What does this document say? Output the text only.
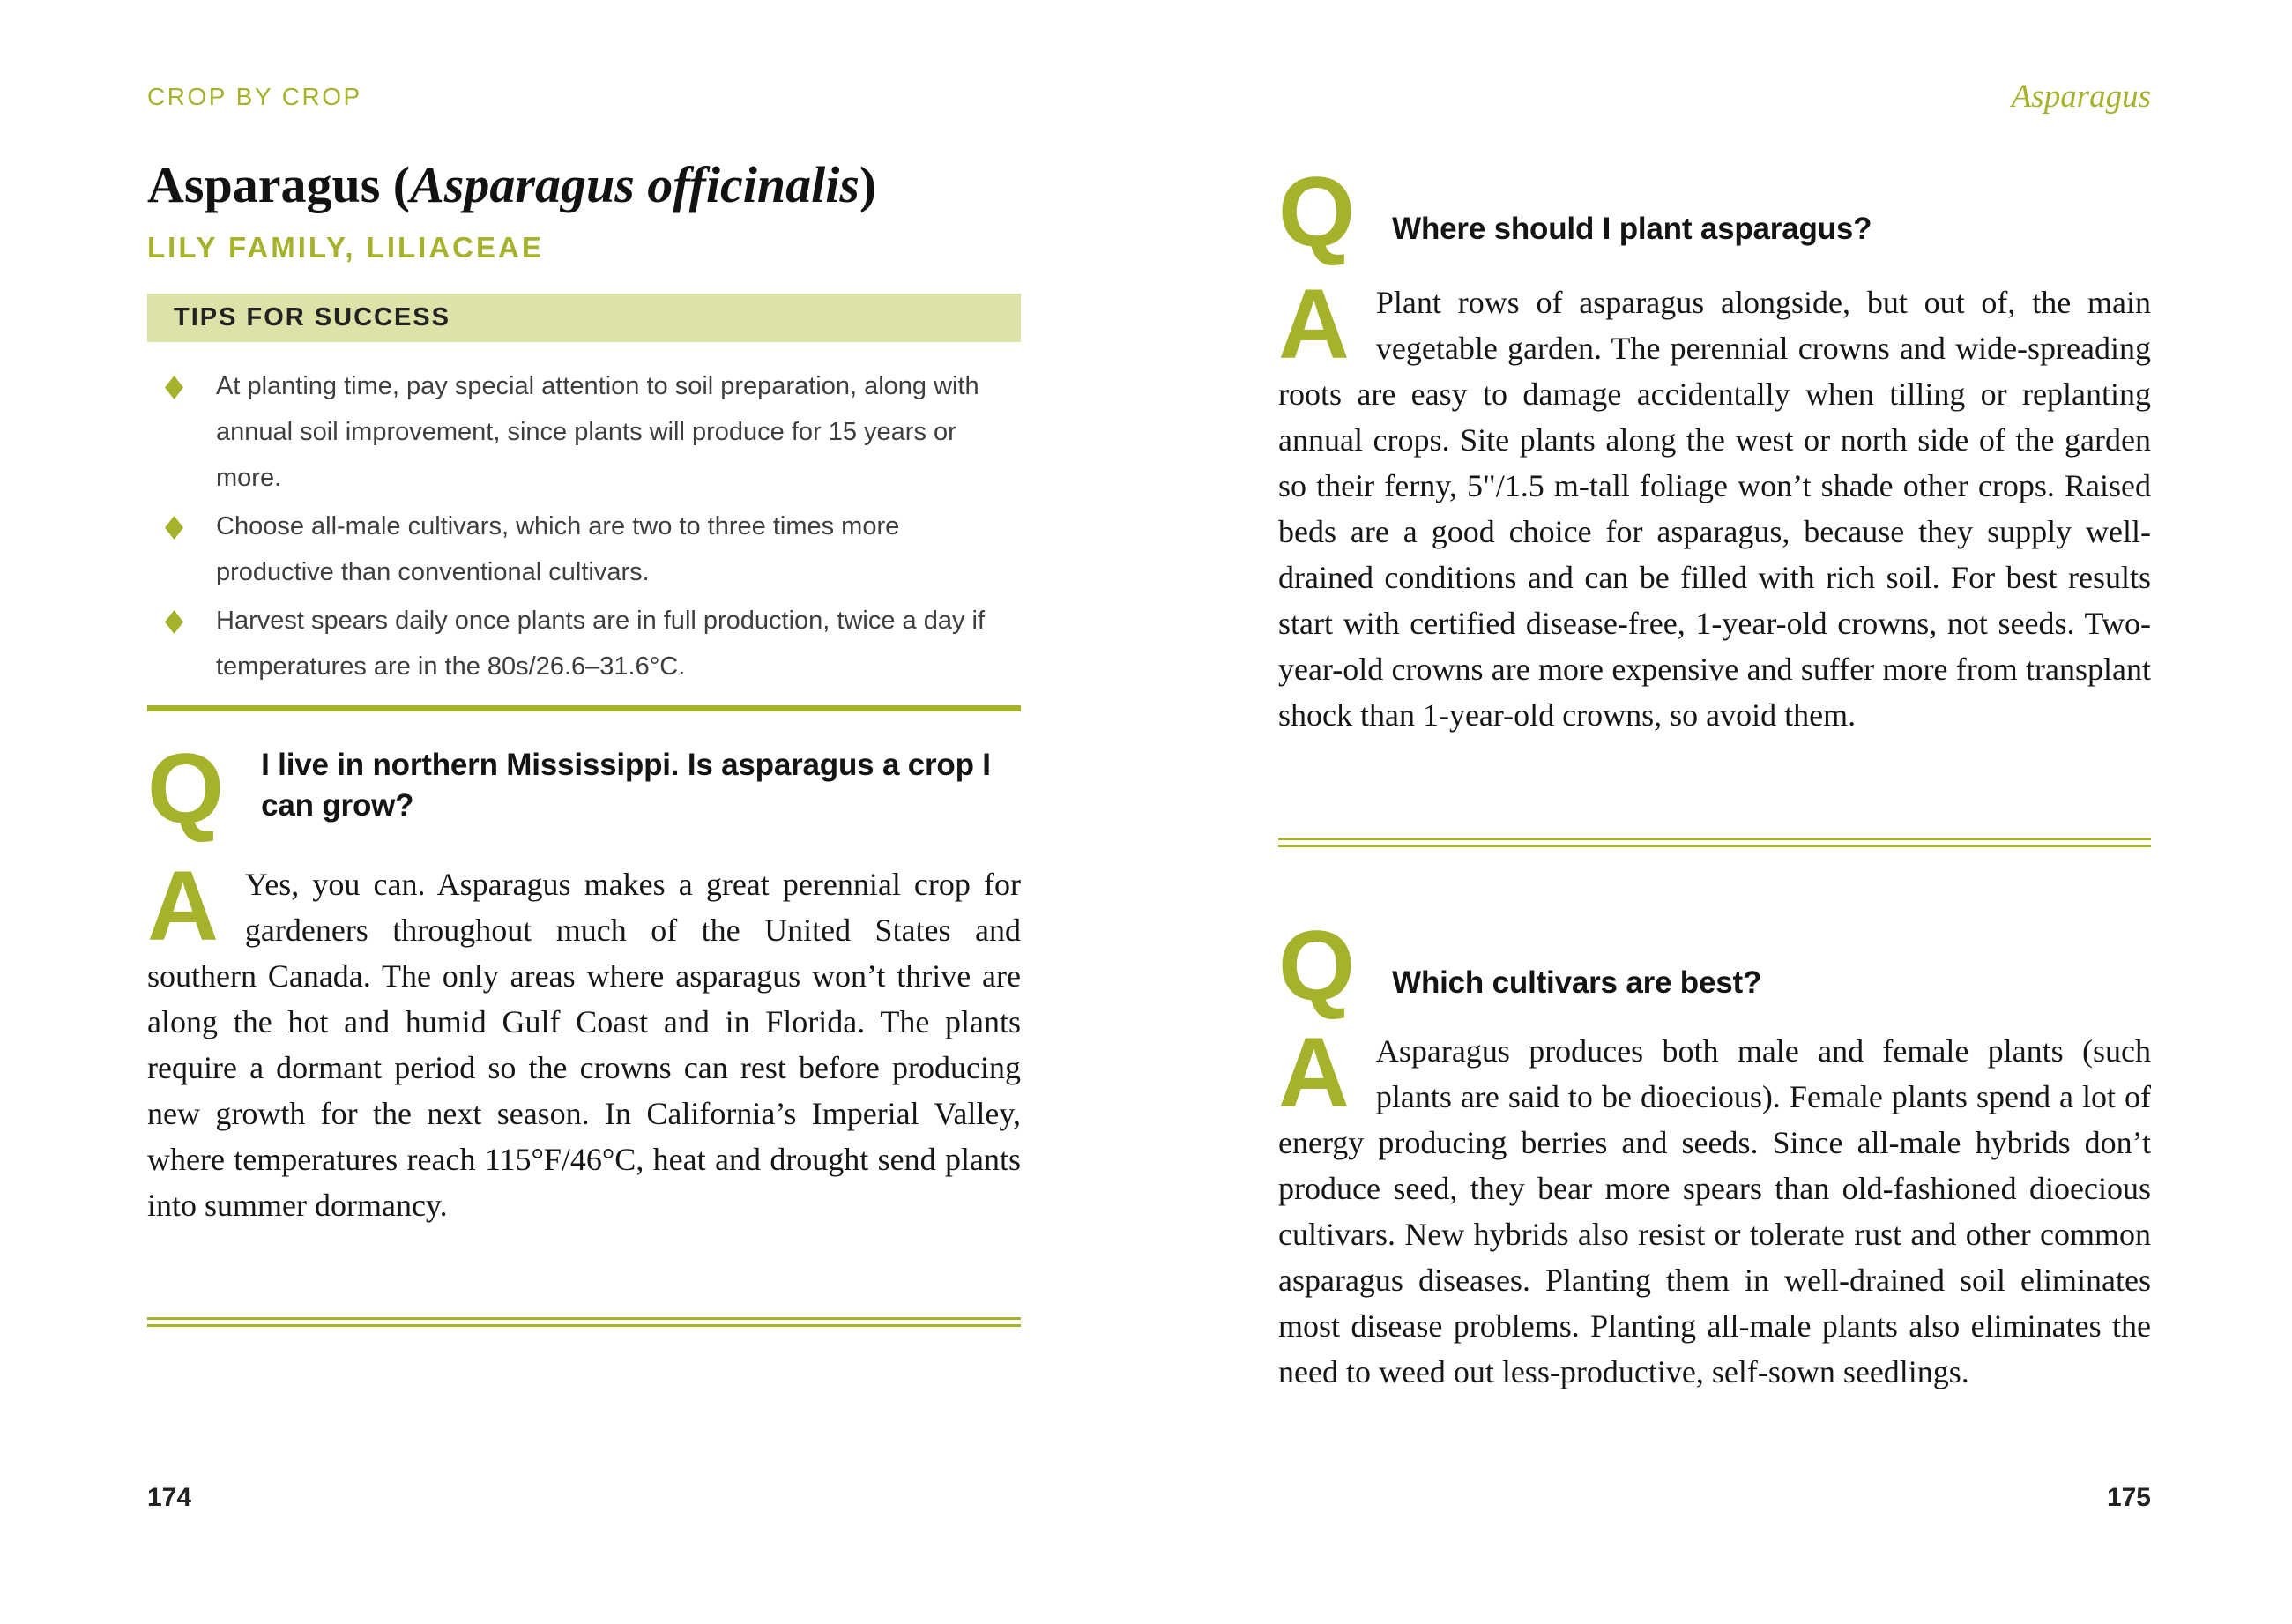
CROP BY CROP
Asparagus (Asparagus officinalis)
LILY FAMILY, LILIACEAE
TIPS FOR SUCCESS
At planting time, pay special attention to soil preparation, along with annual soil improvement, since plants will produce for 15 years or more.
Choose all-male cultivars, which are two to three times more productive than conventional cultivars.
Harvest spears daily once plants are in full production, twice a day if temperatures are in the 80s/26.6–31.6°C.
Q I live in northern Mississippi. Is asparagus a crop I can grow?

A Yes, you can. Asparagus makes a great perennial crop for gardeners throughout much of the United States and southern Canada. The only areas where asparagus won’t thrive are along the hot and humid Gulf Coast and in Florida. The plants require a dormant period so the crowns can rest before producing new growth for the next season. In California’s Imperial Valley, where temperatures reach 115°F/46°C, heat and drought send plants into summer dormancy.

174
Asparagus
Q Where should I plant asparagus?

A Plant rows of asparagus alongside, but out of, the main vegetable garden. The perennial crowns and wide-spreading roots are easy to damage accidentally when tilling or replanting annual crops. Site plants along the west or north side of the garden so their ferny, 5"/1.5 m-tall foliage won’t shade other crops. Raised beds are a good choice for asparagus, because they supply well-drained conditions and can be filled with rich soil. For best results start with certified disease-free, 1-year-old crowns, not seeds. Two-year-old crowns are more expensive and suffer more from transplant shock than 1-year-old crowns, so avoid them.

Q Which cultivars are best?

A Asparagus produces both male and female plants (such plants are said to be dioecious). Female plants spend a lot of energy producing berries and seeds. Since all-male hybrids don’t produce seed, they bear more spears than old-fashioned dioecious cultivars. New hybrids also resist or tolerate rust and other common asparagus diseases. Planting them in well-drained soil eliminates most disease problems. Planting all-male plants also eliminates the need to weed out less-productive, self-sown seedlings.

175
